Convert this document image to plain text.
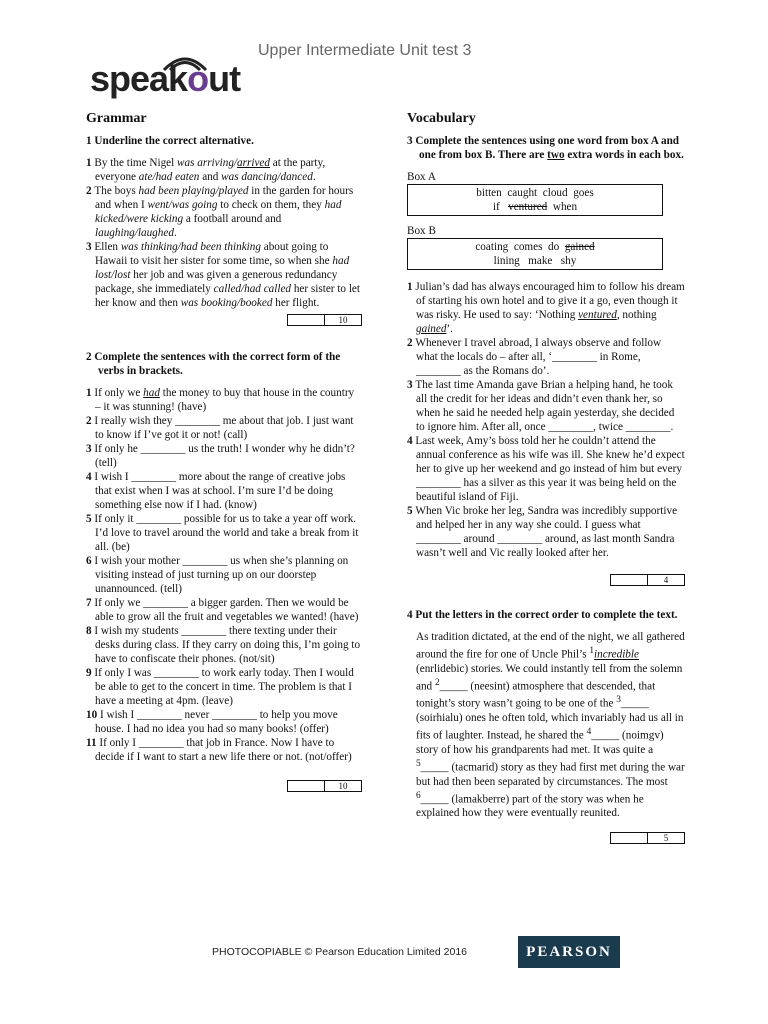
speakout
Upper Intermediate Unit test 3
Grammar

1 Underline the correct alternative.

1 By the time Nigel was arriving/arrived at the party, everyone ate/had eaten and was dancing/danced.

2 The boys had been playing/played in the garden for hours and when I went/was going to check on them, they had kicked/were kicking a football around and laughing/laughed.

3 Ellen was thinking/had been thinking about going to Hawaii to visit her sister for some time, so when she had lost/lost her job and was given a generous redundancy package, she immediately called/had called her sister to let her know and then was booking/booked her flight.

10

2 Complete the sentences with the correct form of the verbs in brackets.

1 If only we had the money to buy that house in the country – it was stunning! (have)

2 I really wish they ________ me about that job. I just want to know if I’ve got it or not! (call)

3 If only he ________ us the truth! I wonder why he didn’t? (tell)

4 I wish I ________ more about the range of creative jobs that exist when I was at school. I’m sure I’d be doing something else now if I had. (know)

5 If only it ________ possible for us to take a year off work. I’d love to travel around the world and take a break from it all. (be)

6 I wish your mother ________ us when she’s planning on visiting instead of just turning up on our doorstep unannounced. (tell)

7 If only we ________ a bigger garden. Then we would be able to grow all the fruit and vegetables we wanted! (have)

8 I wish my students ________ there texting under their desks during class. If they carry on doing this, I’m going to have to confiscate their phones. (not/sit)

9 If only I was ________ to work early today. Then I would be able to get to the concert in time. The problem is that I have a meeting at 4pm. (leave)

10 I wish I ________ never ________ to help you move house. I had no idea you had so many books! (offer)

11 If only I ________ that job in France. Now I have to decide if I want to start a new life there or not. (not/offer)

10
Vocabulary

3 Complete the sentences using one word from box A and one from box B. There are two extra words in each box.

Box A

bitten  caught  cloud  goes
if   ventured  when

Box B

coating  comes  do  gained
lining   make   shy

1 Julian’s dad has always encouraged him to follow his dream of starting his own hotel and to give it a go, even though it was risky. He used to say: ‘Nothing ventured, nothing gained’.

2 Whenever I travel abroad, I always observe and follow what the locals do – after all, ‘________ in Rome, ________ as the Romans do’.

3 The last time Amanda gave Brian a helping hand, he took all the credit for her ideas and didn’t even thank her, so when he said he needed help again yesterday, she decided to ignore him. After all, once ________, twice ________.

4 Last week, Amy’s boss told her he couldn’t attend the annual conference as his wife was ill. She knew he’d expect her to give up her weekend and go instead of him but every ________ has a silver as this year it was being held on the beautiful island of Fiji.

5 When Vic broke her leg, Sandra was incredibly supportive and helped her in any way she could. I guess what ________ around ________ around, as last month Sandra wasn’t well and Vic really looked after her.

4

4 Put the letters in the correct order to complete the text.

As tradition dictated, at the end of the night, we all gathered around the fire for one of Uncle Phil’s $^1$incredible (enrlidebic) stories. We could instantly tell from the solemn and $^2$_____ (neesint) atmosphere that descended, that tonight’s story wasn’t going to be one of the $^3$_____ (soirhialu) ones he often told, which invariably had us all in fits of laughter. Instead, he shared the $^4$_____ (noimgv) story of how his grandparents had met. It was quite a $^5$_____ (tacmarid) story as they had first met during the war but had then been separated by circumstances. The most $^6$_____ (lamakberre) part of the story was when he explained how they were eventually reunited.

5
PHOTOCOPIABLE © Pearson Education Limited 2016	PEARSON
